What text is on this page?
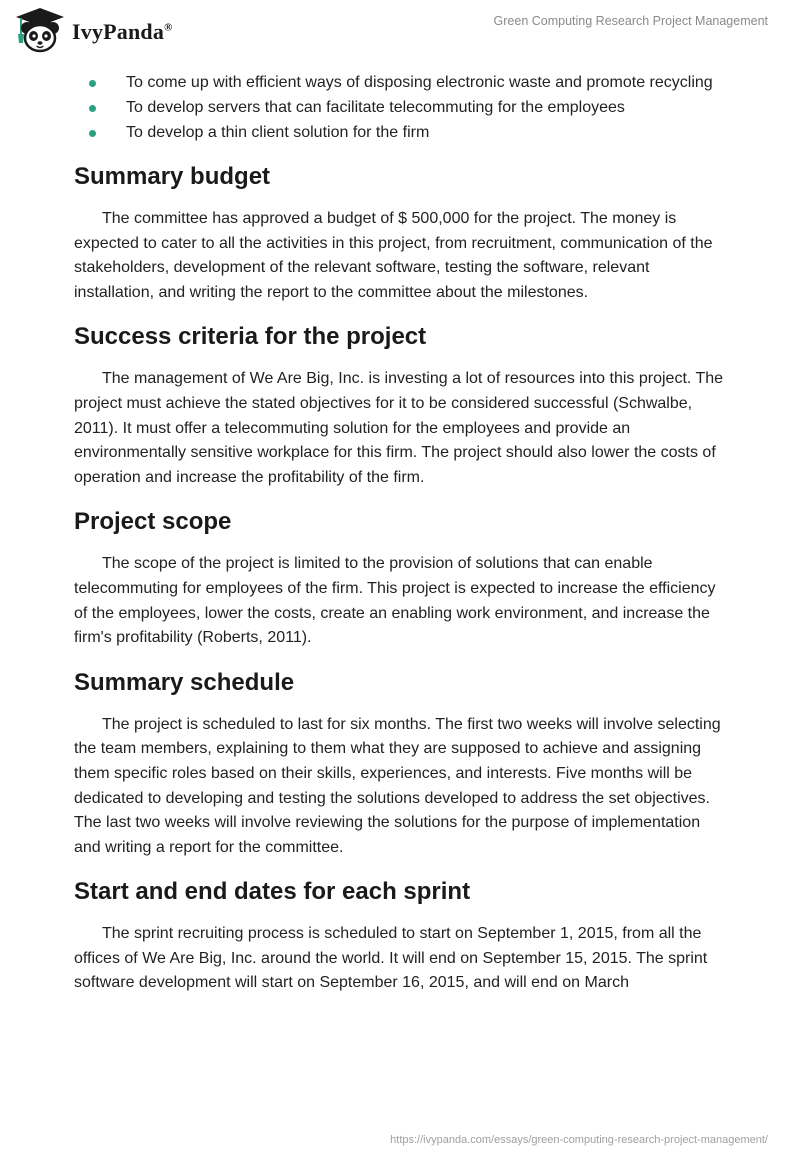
IvyPanda®	Green Computing Research Project Management
To come up with efficient ways of disposing electronic waste and promote recycling
To develop servers that can facilitate telecommuting for the employees
To develop a thin client solution for the firm
Summary budget

The committee has approved a budget of $ 500,000 for the project. The money is expected to cater to all the activities in this project, from recruitment, communication of the stakeholders, development of the relevant software, testing the software, relevant installation, and writing the report to the committee about the milestones.

Success criteria for the project

The management of We Are Big, Inc. is investing a lot of resources into this project. The project must achieve the stated objectives for it to be considered successful (Schwalbe, 2011). It must offer a telecommuting solution for the employees and provide an environmentally sensitive workplace for this firm. The project should also lower the costs of operation and increase the profitability of the firm.

Project scope

The scope of the project is limited to the provision of solutions that can enable telecommuting for employees of the firm. This project is expected to increase the efficiency of the employees, lower the costs, create an enabling work environment, and increase the firm's profitability (Roberts, 2011).

Summary schedule

The project is scheduled to last for six months. The first two weeks will involve selecting the team members, explaining to them what they are supposed to achieve and assigning them specific roles based on their skills, experiences, and interests. Five months will be dedicated to developing and testing the solutions developed to address the set objectives. The last two weeks will involve reviewing the solutions for the purpose of implementation and writing a report for the committee.

Start and end dates for each sprint

The sprint recruiting process is scheduled to start on September 1, 2015, from all the offices of We Are Big, Inc. around the world. It will end on September 15, 2015. The sprint software development will start on September 16, 2015, and will end on March

https://ivypanda.com/essays/green-computing-research-project-management/
